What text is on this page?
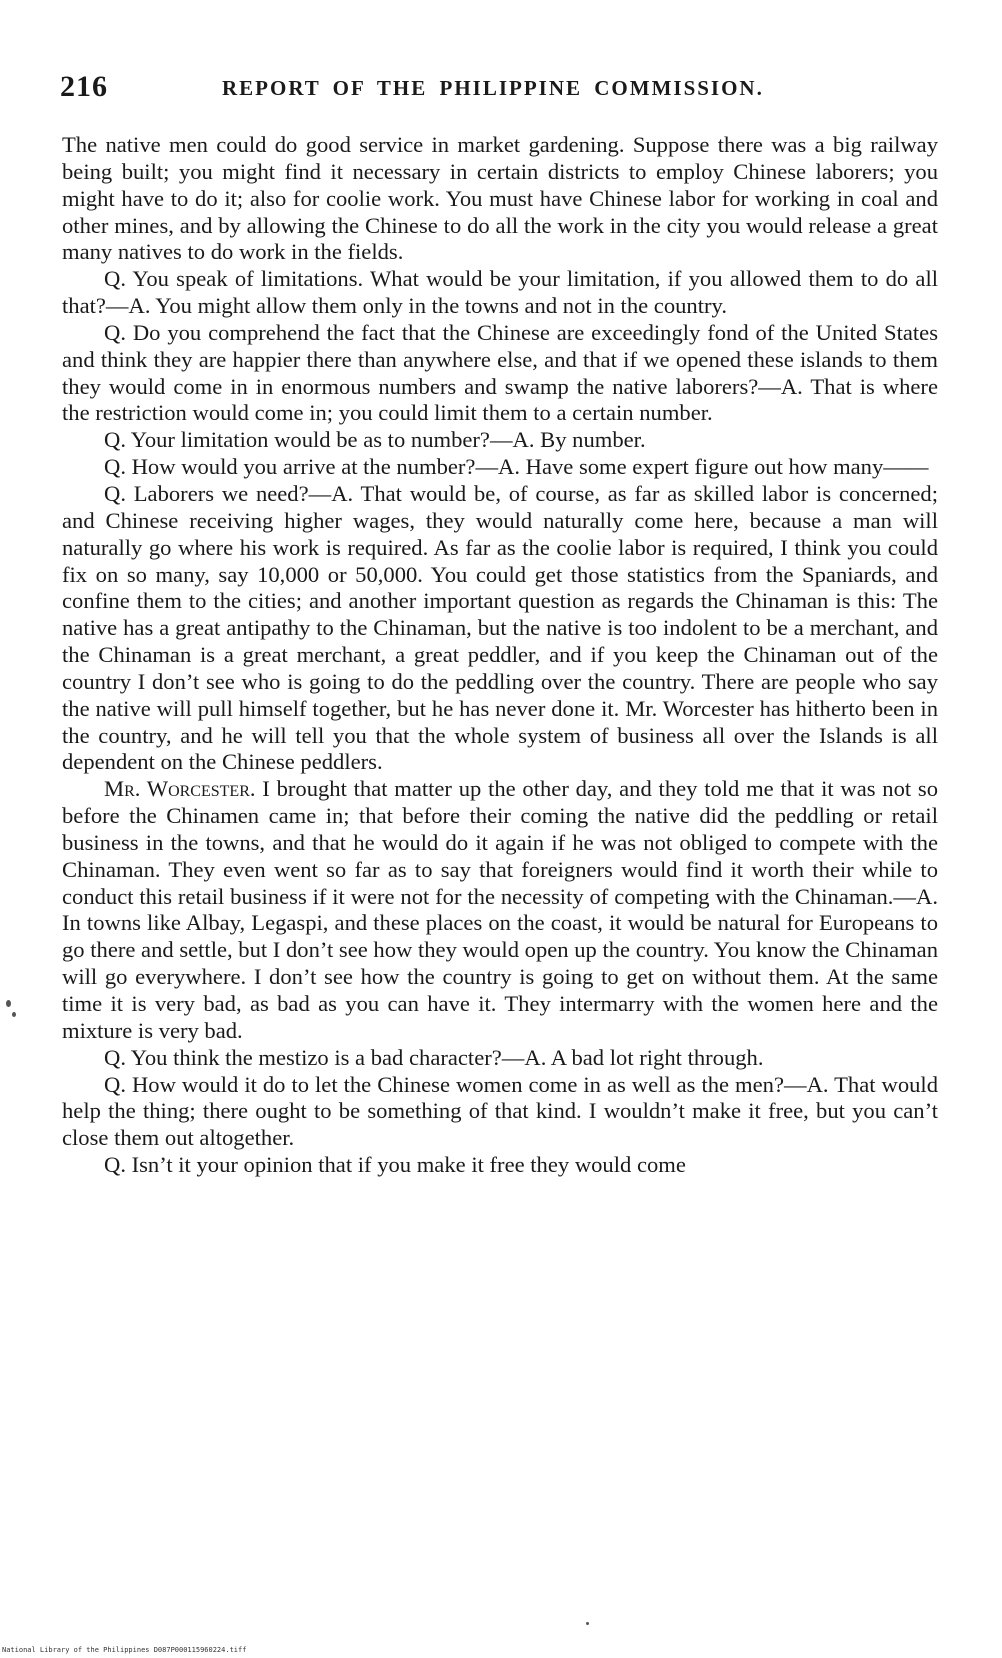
216	REPORT OF THE PHILIPPINE COMMISSION.

The native men could do good service in market gardening. Suppose there was a big railway being built; you might find it necessary in certain districts to employ Chinese laborers; you might have to do it; also for coolie work. You must have Chinese labor for working in coal and other mines, and by allowing the Chinese to do all the work in the city you would release a great many natives to do work in the fields.

Q. You speak of limitations. What would be your limitation, if you allowed them to do all that?—A. You might allow them only in the towns and not in the country.

Q. Do you comprehend the fact that the Chinese are exceedingly fond of the United States and think they are happier there than anywhere else, and that if we opened these islands to them they would come in in enormous numbers and swamp the native laborers?—A. That is where the restriction would come in; you could limit them to a certain number.

Q. Your limitation would be as to number?—A. By number.

Q. How would you arrive at the number?—A. Have some expert figure out how many——

Q. Laborers we need?—A. That would be, of course, as far as skilled labor is concerned; and Chinese receiving higher wages, they would naturally come here, because a man will naturally go where his work is required. As far as the coolie labor is required, I think you could fix on so many, say 10,000 or 50,000. You could get those statistics from the Spaniards, and confine them to the cities; and another important question as regards the Chinaman is this: The native has a great antipathy to the Chinaman, but the native is too indolent to be a merchant, and the Chinaman is a great merchant, a great peddler, and if you keep the Chinaman out of the country I don’t see who is going to do the peddling over the country. There are people who say the native will pull himself together, but he has never done it. Mr. Worcester has hitherto been in the country, and he will tell you that the whole system of business all over the Islands is all dependent on the Chinese peddlers.

Mr. Worcester. I brought that matter up the other day, and they told me that it was not so before the Chinamen came in; that before their coming the native did the peddling or retail business in the towns, and that he would do it again if he was not obliged to compete with the Chinaman. They even went so far as to say that foreigners would find it worth their while to conduct this retail business if it were not for the necessity of competing with the Chinaman.—A. In towns like Albay, Legaspi, and these places on the coast, it would be natural for Europeans to go there and settle, but I don’t see how they would open up the country. You know the Chinaman will go everywhere. I don’t see how the country is going to get on without them. At the same time it is very bad, as bad as you can have it. They intermarry with the women here and the mixture is very bad.

Q. You think the mestizo is a bad character?—A. A bad lot right through.

Q. How would it do to let the Chinese women come in as well as the men?—A. That would help the thing; there ought to be something of that kind. I wouldn’t make it free, but you can’t close them out altogether.

Q. Isn’t it your opinion that if you make it free they would come

National Library of the Philippines D087P000115960224.tiff
